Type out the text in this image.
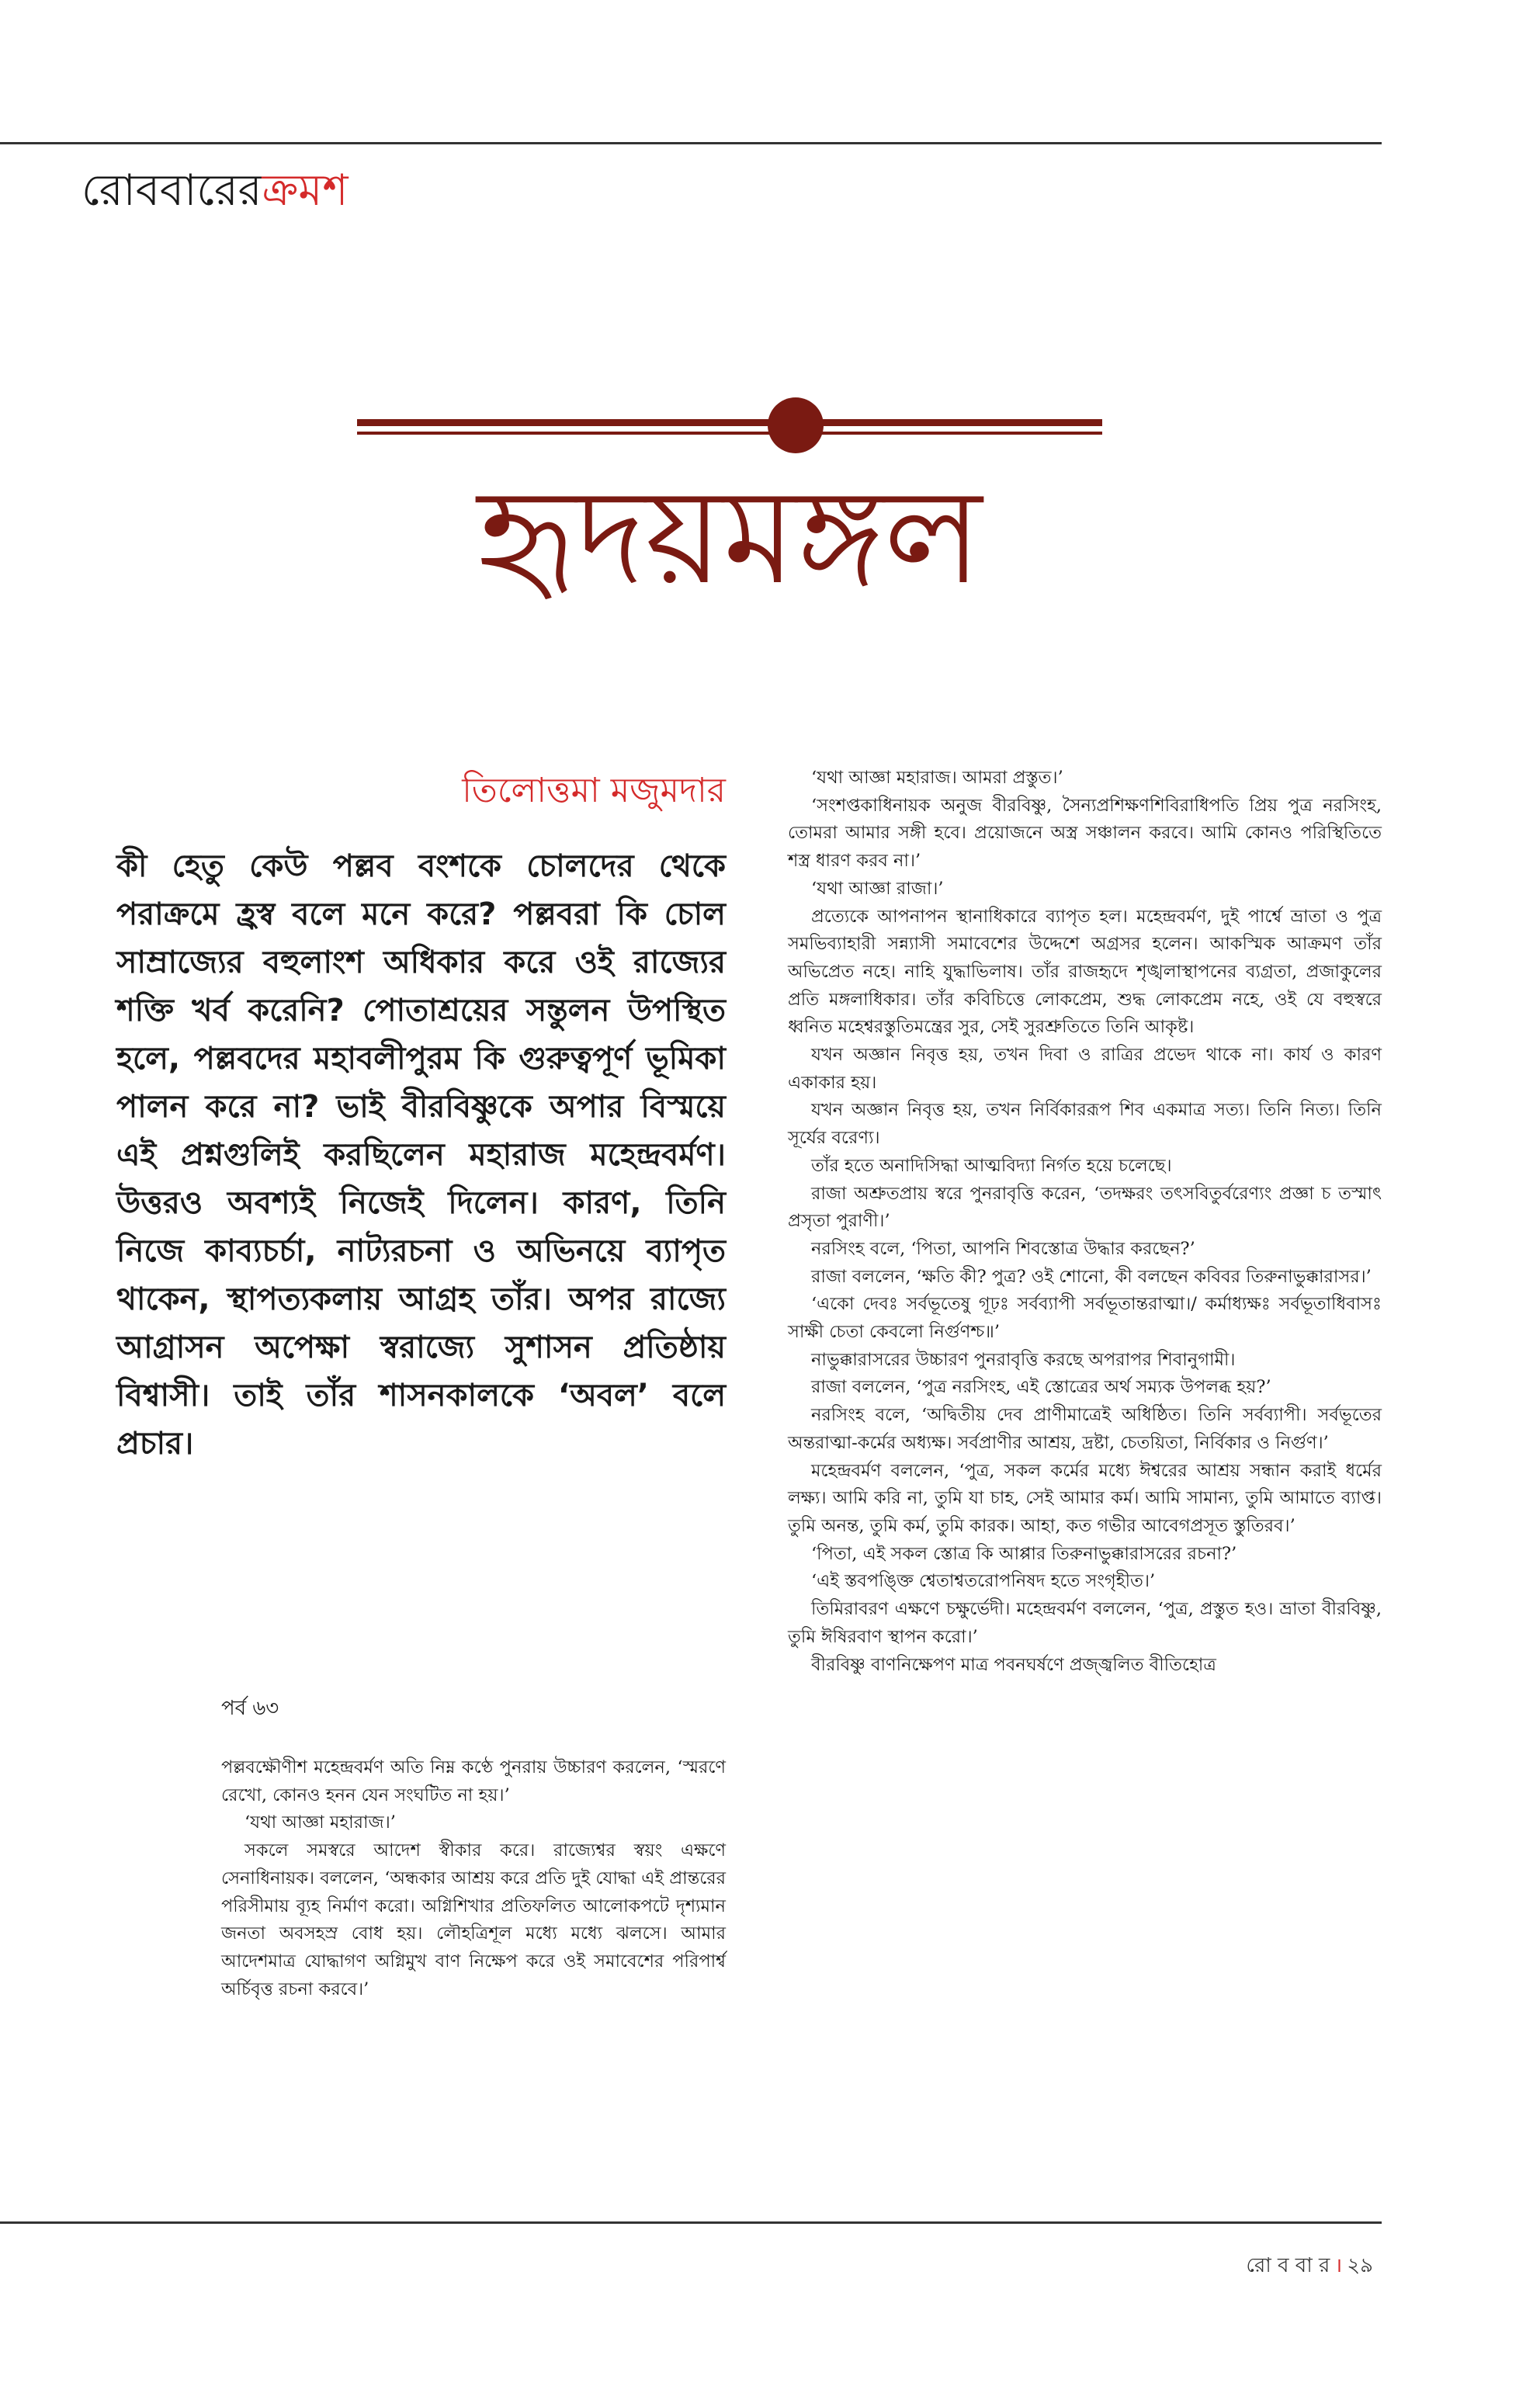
রোববারেরক্রমশ
হৃদয়মঙ্গল
তিলোত্তমা মজুমদার

কী হেতু কেউ পল্লব বংশকে চোলদের থেকে পরাক্রমে হ্রস্ব বলে মনে করে? পল্লবরা কি চোল সাম্রাজ্যের বহুলাংশ অধিকার করে ওই রাজ্যের শক্তি খর্ব করেনি? পোতাশ্রয়ের সন্তুলন উপস্থিত হলে, পল্লবদের মহাবলীপুরম কি গুরুত্বপূর্ণ ভূমিকা পালন করে না? ভাই বীরবিষ্ণুকে অপার বিস্ময়ে এই প্রশ্নগুলিই করছিলেন মহারাজ মহেন্দ্রবর্মণ। উত্তরও অবশ্যই নিজেই দিলেন। কারণ, তিনি নিজে কাব্যচর্চা, নাট্যরচনা ও অভিনয়ে ব্যাপৃত থাকেন, স্থাপত্যকলায় আগ্রহ তাঁর। অপর রাজ্যে আগ্রাসন অপেক্ষা স্বরাজ্যে সুশাসন প্রতিষ্ঠায় বিশ্বাসী। তাই তাঁর শাসনকালকে ‘অবল’ বলে প্রচার।

পর্ব ৬৩

পল্লবক্ষৌণীশ মহেন্দ্রবর্মণ অতি নিম্ন কণ্ঠে পুনরায় উচ্চারণ করলেন, ‘স্মরণে রেখো, কোনও হনন যেন সংঘটিত না হয়।’

‘যথা আজ্ঞা মহারাজ।’

সকলে সমস্বরে আদেশ স্বীকার করে। রাজ্যেশ্বর স্বয়ং এক্ষণে সেনাধিনায়ক। বললেন, ‘অন্ধকার আশ্রয় করে প্রতি দুই যোদ্ধা এই প্রান্তরের পরিসীমায় ব্যূহ নির্মাণ করো। অগ্নিশিখার প্রতিফলিত আলোকপটে দৃশ্যমান জনতা অবসহস্র বোধ হয়। লৌহত্রিশূল মধ্যে মধ্যে ঝলসে। আমার আদেশমাত্র যোদ্ধাগণ অগ্নিমুখ বাণ নিক্ষেপ করে ওই সমাবেশের পরিপার্শ্ব অর্চিবৃত্ত রচনা করবে।’

‘যথা আজ্ঞা মহারাজ। আমরা প্রস্তুত।’

‘সংশপ্তকাধিনায়ক অনুজ বীরবিষ্ণু, সৈন্যপ্রশিক্ষণশিবিরাধিপতি প্রিয় পুত্র নরসিংহ, তোমরা আমার সঙ্গী হবে। প্রয়োজনে অস্ত্র সঞ্চালন করবে। আমি কোনও পরিস্থিতিতে শস্ত্র ধারণ করব না।’

‘যথা আজ্ঞা রাজা।’

প্রত্যেকে আপনাপন স্থানাধিকারে ব্যাপৃত হল। মহেন্দ্রবর্মণ, দুই পার্শ্বে ভ্রাতা ও পুত্র সমভিব্যাহারী সন্ন্যাসী সমাবেশের উদ্দেশে অগ্রসর হলেন। আকস্মিক আক্রমণ তাঁর অভিপ্রেত নহে। নাহি যুদ্ধাভিলাষ। তাঁর রাজহৃদে শৃঙ্খলাস্থাপনের ব্যগ্রতা, প্রজাকুলের প্রতি মঙ্গলাধিকার। তাঁর কবিচিত্তে লোকপ্রেম, শুদ্ধ লোকপ্রেম নহে, ওই যে বহুস্বরে ধ্বনিত মহেশ্বরস্তুতিমন্ত্রের সুর, সেই সুরশ্রুতিতে তিনি আকৃষ্ট।

যখন অজ্ঞান নিবৃত্ত হয়, তখন দিবা ও রাত্রির প্রভেদ থাকে না। কার্য ও কারণ একাকার হয়।

যখন অজ্ঞান নিবৃত্ত হয়, তখন নির্বিকাররূপ শিব একমাত্র সত্য। তিনি নিত্য। তিনি সূর্যের বরেণ্য।

তাঁর হতে অনাদিসিদ্ধা আত্মবিদ্যা নির্গত হয়ে চলেছে।

রাজা অশ্রুতপ্রায় স্বরে পুনরাবৃত্তি করেন, ‘তদক্ষরং তৎসবিতুর্বরেণ্যং প্রজ্ঞা চ তস্মাৎ প্রসৃতা পুরাণী।’

নরসিংহ বলে, ‘পিতা, আপনি শিবস্তোত্র উদ্ধার করছেন?’

রাজা বললেন, ‘ক্ষতি কী? পুত্র? ওই শোনো, কী বলছেন কবিবর তিরুনাভুক্কারাসর।’

‘একো দেবঃ সর্বভূতেষু গূঢ়ঃ সর্বব্যাপী সর্বভূতান্তরাত্মা।/ কর্মাধ্যক্ষঃ সর্বভূতাধিবাসঃ সাক্ষী চেতা কেবলো নির্গুণশ্চ॥’

নাভুক্কারাসরের উচ্চারণ পুনরাবৃত্তি করছে অপরাপর শিবানুগামী।

রাজা বললেন, ‘পুত্র নরসিংহ, এই স্তোত্রের অর্থ সম্যক উপলব্ধ হয়?’

নরসিংহ বলে, ‘অদ্বিতীয় দেব প্রাণীমাত্রেই অধিষ্ঠিত। তিনি সর্বব্যাপী। সর্বভূতের অন্তরাত্মা-কর্মের অধ্যক্ষ। সর্বপ্রাণীর আশ্রয়, দ্রষ্টা, চেতয়িতা, নির্বিকার ও নির্গুণ।’

মহেন্দ্রবর্মণ বললেন, ‘পুত্র, সকল কর্মের মধ্যে ঈশ্বরের আশ্রয় সন্ধান করাই ধর্মের লক্ষ্য। আমি করি না, তুমি যা চাহ, সেই আমার কর্ম। আমি সামান্য, তুমি আমাতে ব্যাপ্ত। তুমি অনন্ত, তুমি কর্ম, তুমি কারক। আহা, কত গভীর আবেগপ্রসূত স্তুতিরব।’

‘পিতা, এই সকল স্তোত্র কি আপ্পার তিরুনাভুক্কারাসরের রচনা?’

‘এই স্তবপঙ্ক্তি শ্বেতাশ্বতরোপনিষদ হতে সংগৃহীত।’

তিমিরাবরণ এক্ষণে চক্ষুর্ভেদী। মহেন্দ্রবর্মণ বললেন, ‘পুত্র, প্রস্তুত হও। ভ্রাতা বীরবিষ্ণু, তুমি ঈষিরবাণ স্থাপন করো।’

বীরবিষ্ণু বাণনিক্ষেপণ মাত্র পবনঘর্ষণে প্রজ্জ্বলিত বীতিহোত্র

রো ব বা র । ২৯
